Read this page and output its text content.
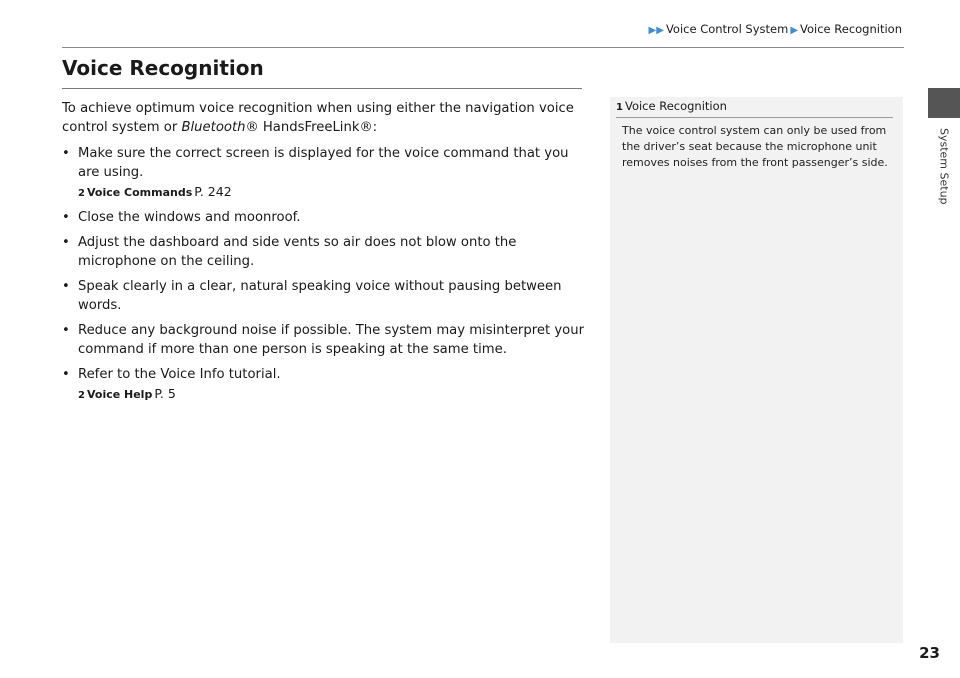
▶▶ Voice Control System ▶ Voice Recognition
System Setup
Voice Recognition

To achieve optimum voice recognition when using either the navigation voice control system or Bluetooth® HandsFreeLink®:

• Make sure the correct screen is displayed for the voice command that you are using.
2 Voice Commands P. 242
• Close the windows and moonroof.
• Adjust the dashboard and side vents so air does not blow onto the microphone on the ceiling.
• Speak clearly in a clear, natural speaking voice without pausing between words.
• Reduce any background noise if possible. The system may misinterpret your command if more than one person is speaking at the same time.
• Refer to the Voice Info tutorial.
2 Voice Help P. 5
1 Voice Recognition

The voice control system can only be used from the driver’s seat because the microphone unit removes noises from the front passenger’s side.

23
